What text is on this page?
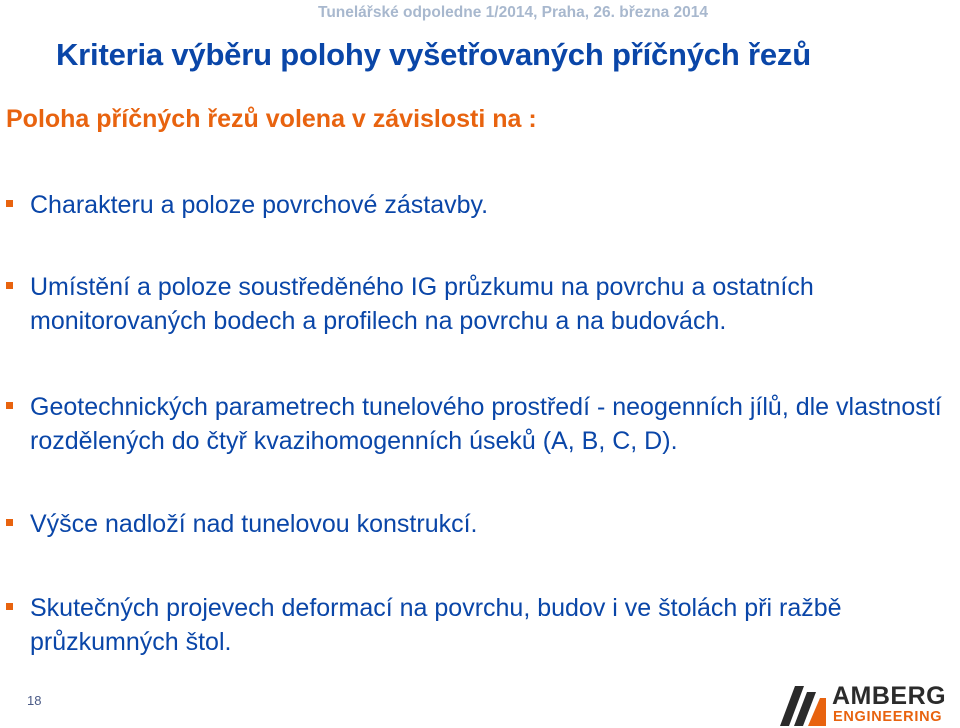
Tunelářské odpoledne 1/2014, Praha, 26. března 2014
Kriteria výběru polohy vyšetřovaných příčných řezů
Poloha příčných řezů volena v závislosti na :
Charakteru a poloze povrchové zástavby.
Umístění a poloze soustředěného IG průzkumu na povrchu a ostatních monitorovaných bodech a profilech na povrchu a na budovách.
Geotechnických parametrech tunelového prostředí - neogenních jílů, dle vlastností rozdělených do čtyř kvazihomogenních úseků (A, B, C, D).
Výšce nadloží nad tunelovou konstrukcí.
Skutečných projevech deformací na povrchu, budov i ve štolách při ražbě průzkumných štol.
18	AMBERG
ENGINEERING
